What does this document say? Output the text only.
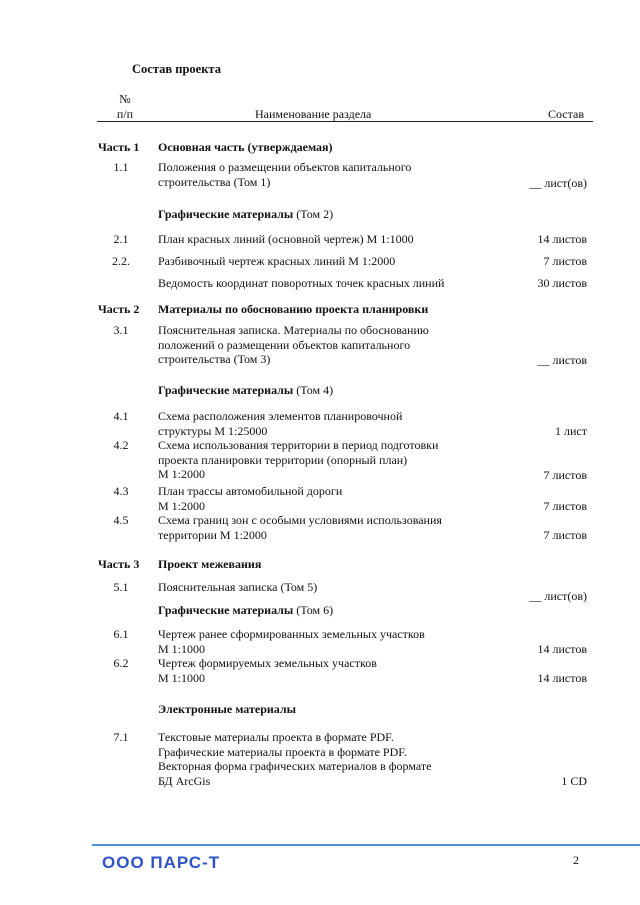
Состав проекта
№
п/п	Наименование раздела	Состав
Часть 1	Основная часть (утверждаемая)
1.1	Положения о размещении объектов капитального
строительства (Том 1)	__ лист(ов)
Графические материалы (Том 2)
2.1	План красных линий (основной чертеж) М 1:1000	14 листов
2.2.	Разбивочный чертеж красных линий М 1:2000	7 листов
Ведомость координат поворотных точек красных линий	30 листов
Часть 2	Материалы по обоснованию проекта планировки
3.1	Пояснительная записка. Материалы по обоснованию
положений о размещении объектов капитального
строительства (Том 3)	__ листов
Графические материалы (Том 4)
4.1	Схема расположения элементов планировочной
структуры М 1:25000	1 лист
4.2	Схема использования территории в период подготовки
проекта планировки территории (опорный план)
М 1:2000	7 листов
4.3	План трассы автомобильной дороги
М 1:2000	7 листов
4.5	Схема границ зон с особыми условиями использования
территории М 1:2000	7 листов
Часть 3	Проект межевания
5.1	Пояснительная записка (Том 5)
__ лист(ов)
Графические материалы (Том 6)
6.1	Чертеж ранее сформированных земельных участков
М 1:1000	14 листов
6.2	Чертеж формируемых земельных участков
М 1:1000	14 листов
Электронные материалы
7.1	Текстовые материалы проекта в формате PDF.
Графические материалы проекта в формате PDF.
Векторная форма графических материалов в формате
БД ArcGis	1 CD
ООО ПАРС-Т	2
